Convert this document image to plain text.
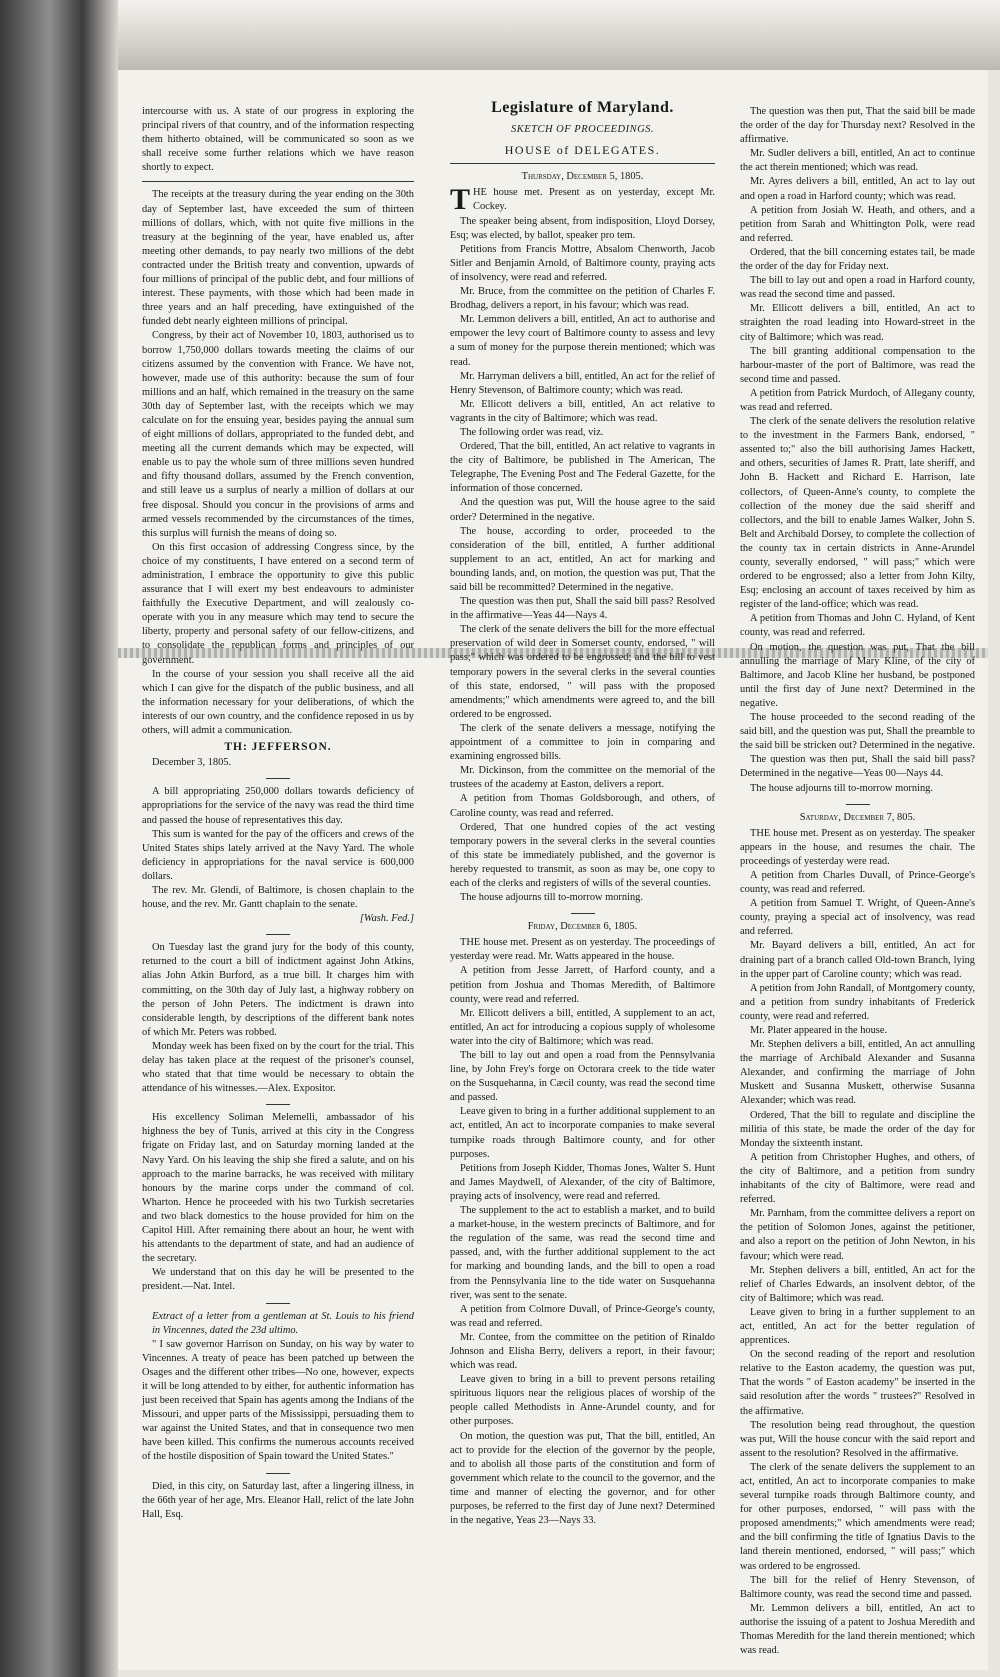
intercourse with us. A state of our progress in exploring the principal rivers of that country, and of the information respecting them hitherto obtained, will be communicated so soon as we shall receive some further relations which we have reason shortly to expect.

The receipts at the treasury during the year ending on the 30th day of September last, have exceeded the sum of thirteen millions of dollars, which, with not quite five millions in the treasury at the beginning of the year, have enabled us, after meeting other demands, to pay nearly two millions of the debt contracted under the British treaty and convention, upwards of four millions of principal of the public debt, and four millions of interest. These payments, with those which had been made in three years and an half preceding, have extinguished of the funded debt nearly eighteen millions of principal.

Congress, by their act of November 10, 1803, authorised us to borrow 1,750,000 dollars towards meeting the claims of our citizens assumed by the convention with France. We have not, however, made use of this authority: because the sum of four millions and an half, which remained in the treasury on the same 30th day of September last, with the receipts which we may calculate on for the ensuing year, besides paying the annual sum of eight millions of dollars, appropriated to the funded debt, and meeting all the current demands which may be expected, will enable us to pay the whole sum of three millions seven hundred and fifty thousand dollars, assumed by the French convention, and still leave us a surplus of nearly a million of dollars at our free disposal. Should you concur in the provisions of arms and armed vessels recommended by the circumstances of the times, this surplus will furnish the means of doing so.

On this first occasion of addressing Congress since, by the choice of my constituents, I have entered on a second term of administration, I embrace the opportunity to give this public assurance that I will exert my best endeavours to administer faithfully the Executive Department, and will zealously co-operate with you in any measure which may tend to secure the liberty, property and personal safety of our fellow-citizens, and to consolidate the republican forms and principles of our government.

In the course of your session you shall receive all the aid which I can give for the dispatch of the public business, and all the information necessary for your deliberations, of which the interests of our own country, and the confidence reposed in us by others, will admit a communication.

TH: JEFFERSON.

December 3, 1805.

A bill appropriating 250,000 dollars towards deficiency of appropriations for the service of the navy was read the third time and passed the house of representatives this day.

This sum is wanted for the pay of the officers and crews of the United States ships lately arrived at the Navy Yard. The whole deficiency in appropriations for the naval service is 600,000 dollars.

The rev. Mr. Glendi, of Baltimore, is chosen chaplain to the house, and the rev. Mr. Gantt chaplain to the senate.

[Wash. Fed.]

On Tuesday last the grand jury for the body of this county, returned to the court a bill of indictment against John Atkins, alias John Atkin Burford, as a true bill. It charges him with committing, on the 30th day of July last, a highway robbery on the person of John Peters. The indictment is drawn into considerable length, by descriptions of the different bank notes of which Mr. Peters was robbed.

Monday week has been fixed on by the court for the trial. This delay has taken place at the request of the prisoner's counsel, who stated that that time would be necessary to obtain the attendance of his witnesses.—Alex. Expositor.

His excellency Soliman Melemelli, ambassador of his highness the bey of Tunis, arrived at this city in the Congress frigate on Friday last, and on Saturday morning landed at the Navy Yard. On his leaving the ship she fired a salute, and on his approach to the marine barracks, he was received with military honours by the marine corps under the command of col. Wharton. Hence he proceeded with his two Turkish secretaries and two black domestics to the house provided for him on the Capitol Hill. After remaining there about an hour, he went with his attendants to the department of state, and had an audience of the secretary.

We understand that on this day he will be presented to the president.—Nat. Intel.

Extract of a letter from a gentleman at St. Louis to his friend in Vincennes, dated the 23d ultimo.

" I saw governor Harrison on Sunday, on his way by water to Vincennes. A treaty of peace has been patched up between the Osages and the different other tribes—No one, however, expects it will be long attended to by either, for authentic information has just been received that Spain has agents among the Indians of the Missouri, and upper parts of the Mississippi, persuading them to war against the United States, and that in consequence two men have been killed. This confirms the numerous accounts received of the hostile disposition of Spain toward the United States."

Died, in this city, on Saturday last, after a lingering illness, in the 66th year of her age, Mrs. Eleanor Hall, relict of the late John Hall, Esq.

Legislature of Maryland.
SKETCH OF PROCEEDINGS.
HOUSE of DELEGATES.

Thursday, December 5, 1805.

THE house met. Present as on yesterday, except Mr. Cockey.

The speaker being absent, from indisposition, Lloyd Dorsey, Esq; was elected, by ballot, speaker pro tem.

Petitions from Francis Mottre, Absalom Chenworth, Jacob Sitler and Benjamin Arnold, of Baltimore county, praying acts of insolvency, were read and referred.

Mr. Bruce, from the committee on the petition of Charles F. Brodhag, delivers a report, in his favour; which was read.

Mr. Lemmon delivers a bill, entitled, An act to authorise and empower the levy court of Baltimore county to assess and levy a sum of money for the purpose therein mentioned; which was read.

Mr. Harryman delivers a bill, entitled, An act for the relief of Henry Stevenson, of Baltimore county; which was read.

Mr. Ellicott delivers a bill, entitled, An act relative to vagrants in the city of Baltimore; which was read.

The following order was read, viz.

Ordered, That the bill, entitled, An act relative to vagrants in the city of Baltimore, be published in The American, The Telegraphe, The Evening Post and The Federal Gazette, for the information of those concerned.

And the question was put, Will the house agree to the said order? Determined in the negative.

The house, according to order, proceeded to the consideration of the bill, entitled, A further additional supplement to an act, entitled, An act for marking and bounding lands, and, on motion, the question was put, That the said bill be recommitted? Determined in the negative.

The question was then put, Shall the said bill pass? Resolved in the affirmative—Yeas 44—Nays 4.

The clerk of the senate delivers the bill for the more effectual preservation of wild deer in Somerset county, endorsed, " will pass;" which was ordered to be engrossed; and the bill to vest temporary powers in the several clerks in the several counties of this state, endorsed, " will pass with the proposed amendments;" which amendments were agreed to, and the bill ordered to be engrossed.

The clerk of the senate delivers a message, notifying the appointment of a committee to join in comparing and examining engrossed bills.

Mr. Dickinson, from the committee on the memorial of the trustees of the academy at Easton, delivers a report.

A petition from Thomas Goldsborough, and others, of Caroline county, was read and referred.

Ordered, That one hundred copies of the act vesting temporary powers in the several clerks in the several counties of this state be immediately published, and the governor is hereby requested to transmit, as soon as may be, one copy to each of the clerks and registers of wills of the several counties.

The house adjourns till to-morrow morning.

Friday, December 6, 1805.

THE house met. Present as on yesterday. The proceedings of yesterday were read. Mr. Watts appeared in the house.

A petition from Jesse Jarrett, of Harford county, and a petition from Joshua and Thomas Meredith, of Baltimore county, were read and referred.

Mr. Ellicott delivers a bill, entitled, A supplement to an act, entitled, An act for introducing a copious supply of wholesome water into the city of Baltimore; which was read.

The bill to lay out and open a road from the Pennsylvania line, by John Frey's forge on Octorara creek to the tide water on the Susquehanna, in Cæcil county, was read the second time and passed.

Leave given to bring in a further additional supplement to an act, entitled, An act to incorporate companies to make several turnpike roads through Baltimore county, and for other purposes.

Petitions from Joseph Kidder, Thomas Jones, Walter S. Hunt and James Maydwell, of Alexander, of the city of Baltimore, praying acts of insolvency, were read and referred.

The supplement to the act to establish a market, and to build a market-house, in the western precincts of Baltimore, and for the regulation of the same, was read the second time and passed, and, with the further additional supplement to the act for marking and bounding lands, and the bill to open a road from the Pennsylvania line to the tide water on Susquehanna river, was sent to the senate.

A petition from Colmore Duvall, of Prince-George's county, was read and referred.

Mr. Contee, from the committee on the petition of Rinaldo Johnson and Elisha Berry, delivers a report, in their favour; which was read.

Leave given to bring in a bill to prevent persons retailing spirituous liquors near the religious places of worship of the people called Methodists in Anne-Arundel county, and for other purposes.

On motion, the question was put, That the bill, entitled, An act to provide for the election of the governor by the people, and to abolish all those parts of the constitution and form of government which relate to the council to the governor, and the time and manner of electing the governor, and for other purposes, be referred to the first day of June next? Determined in the negative, Yeas 23—Nays 33.

The question was then put, That the said bill be made the order of the day for Thursday next? Resolved in the affirmative.

Mr. Sudler delivers a bill, entitled, An act to continue the act therein mentioned; which was read.

Mr. Ayres delivers a bill, entitled, An act to lay out and open a road in Harford county; which was read.

A petition from Josiah W. Heath, and others, and a petition from Sarah and Whittington Polk, were read and referred.

Ordered, that the bill concerning estates tail, be made the order of the day for Friday next.

The bill to lay out and open a road in Harford county, was read the second time and passed.

Mr. Ellicott delivers a bill, entitled, An act to straighten the road leading into Howard-street in the city of Baltimore; which was read.

The bill granting additional compensation to the harbour-master of the port of Baltimore, was read the second time and passed.

A petition from Patrick Murdoch, of Allegany county, was read and referred.

The clerk of the senate delivers the resolution relative to the investment in the Farmers Bank, endorsed, " assented to;" also the bill authorising James Hackett, and others, securities of James R. Pratt, late sheriff, and John B. Hackett and Richard E. Harrison, late collectors, of Queen-Anne's county, to complete the collection of the money due the said sheriff and collectors, and the bill to enable James Walker, John S. Belt and Archibald Dorsey, to complete the collection of the county tax in certain districts in Anne-Arundel county, severally endorsed, " will pass;" which were ordered to be engrossed; also a letter from John Kilty, Esq; enclosing an account of taxes received by him as register of the land-office; which was read.

A petition from Thomas and John C. Hyland, of Kent county, was read and referred.

On motion, the question was put, That the bill annulling the marriage of Mary Kline, of the city of Baltimore, and Jacob Kline her husband, be postponed until the first day of June next? Determined in the negative.

The house proceeded to the second reading of the said bill, and the question was put, Shall the preamble to the said bill be stricken out? Determined in the negative.

The question was then put, Shall the said bill pass? Determined in the negative—Yeas 00—Nays 44.

The house adjourns till to-morrow morning.

Saturday, December 7, 805.

THE house met. Present as on yesterday. The speaker appears in the house, and resumes the chair. The proceedings of yesterday were read.

A petition from Charles Duvall, of Prince-George's county, was read and referred.

A petition from Samuel T. Wright, of Queen-Anne's county, praying a special act of insolvency, was read and referred.

Mr. Bayard delivers a bill, entitled, An act for draining part of a branch called Old-town Branch, lying in the upper part of Caroline county; which was read.

A petition from John Randall, of Montgomery county, and a petition from sundry inhabitants of Frederick county, were read and referred.

Mr. Plater appeared in the house.

Mr. Stephen delivers a bill, entitled, An act annulling the marriage of Archibald Alexander and Susanna Alexander, and confirming the marriage of John Muskett and Susanna Muskett, otherwise Susanna Alexander; which was read.

Ordered, That the bill to regulate and discipline the militia of this state, be made the order of the day for Monday the sixteenth instant.

A petition from Christopher Hughes, and others, of the city of Baltimore, and a petition from sundry inhabitants of the city of Baltimore, were read and referred.

Mr. Parnham, from the committee delivers a report on the petition of Solomon Jones, against the petitioner, and also a report on the petition of John Newton, in his favour; which were read.

Mr. Stephen delivers a bill, entitled, An act for the relief of Charles Edwards, an insolvent debtor, of the city of Baltimore; which was read.

Leave given to bring in a further supplement to an act, entitled, An act for the better regulation of apprentices.

On the second reading of the report and resolution relative to the Easton academy, the question was put, That the words " of Easton academy" be inserted in the said resolution after the words " trustees?" Resolved in the affirmative.

The resolution being read throughout, the question was put, Will the house concur with the said report and assent to the resolution? Resolved in the affirmative.

The clerk of the senate delivers the supplement to an act, entitled, An act to incorporate companies to make several turnpike roads through Baltimore county, and for other purposes, endorsed, " will pass with the proposed amendments;" which amendments were read; and the bill confirming the title of Ignatius Davis to the land therein mentioned, endorsed, " will pass;" which was ordered to be engrossed.

The bill for the relief of Henry Stevenson, of Baltimore county, was read the second time and passed.

Mr. Lemmon delivers a bill, entitled, An act to authorise the issuing of a patent to Joshua Meredith and Thomas Meredith for the land therein mentioned; which was read.
